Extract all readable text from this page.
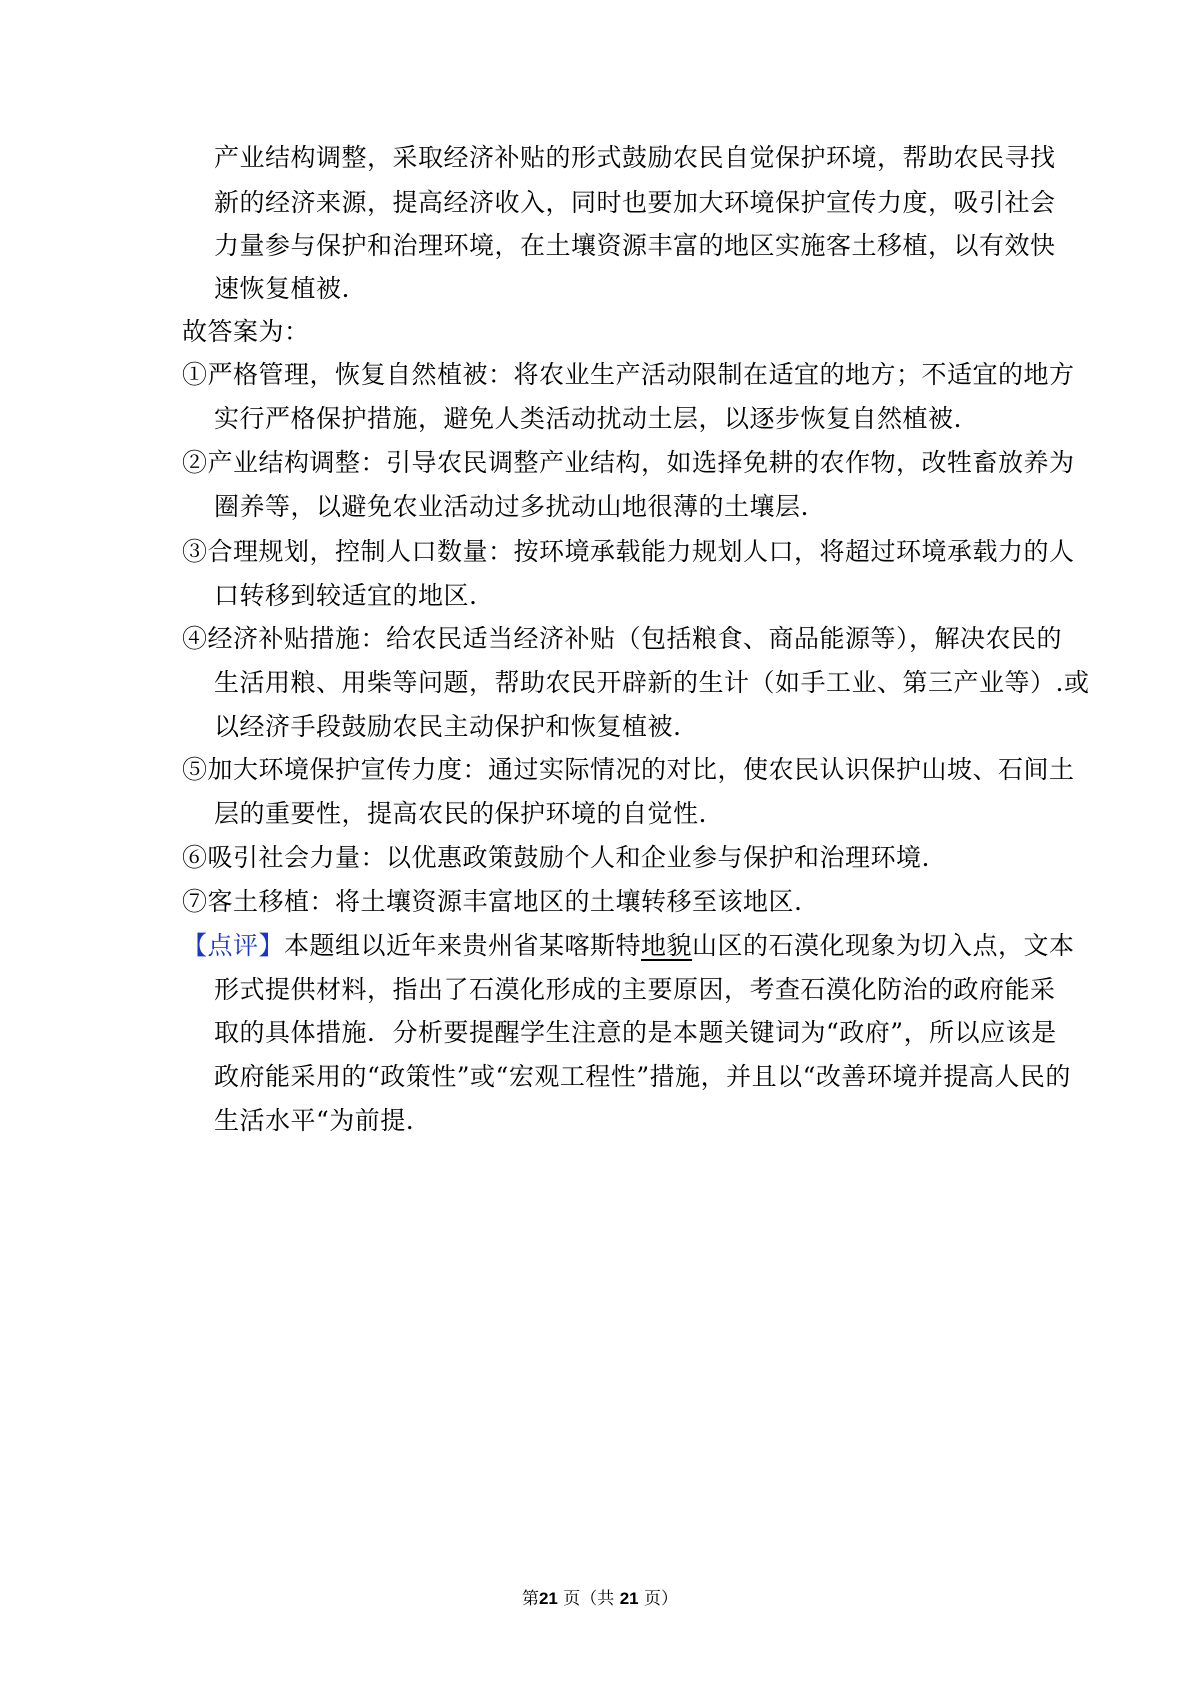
产业结构调整，采取经济补贴的形式鼓励农民自觉保护环境，帮助农民寻找
新的经济来源，提高经济收入，同时也要加大环境保护宣传力度，吸引社会
力量参与保护和治理环境，在土壤资源丰富的地区实施客土移植，以有效快
速恢复植被.
故答案为：
①严格管理，恢复自然植被：将农业生产活动限制在适宜的地方；不适宜的地方
实行严格保护措施，避免人类活动扰动土层，以逐步恢复自然植被.
②产业结构调整：引导农民调整产业结构，如选择免耕的农作物，改牲畜放养为
圈养等，以避免农业活动过多扰动山地很薄的土壤层.
③合理规划，控制人口数量：按环境承载能力规划人口，将超过环境承载力的人
口转移到较适宜的地区.
④经济补贴措施：给农民适当经济补贴（包括粮食、商品能源等），解决农民的
生活用粮、用柴等问题，帮助农民开辟新的生计（如手工业、第三产业等）.或
以经济手段鼓励农民主动保护和恢复植被.
⑤加大环境保护宣传力度：通过实际情况的对比，使农民认识保护山坡、石间土
层的重要性，提高农民的保护环境的自觉性.
⑥吸引社会力量：以优惠政策鼓励个人和企业参与保护和治理环境.
⑦客土移植：将土壤资源丰富地区的土壤转移至该地区.
【点评】本题组以近年来贵州省某喀斯特地貌山区的石漠化现象为切入点，文本
形式提供材料，指出了石漠化形成的主要原因，考查石漠化防治的政府能采
取的具体措施．分析要提醒学生注意的是本题关键词为“政府”，所以应该是
政府能采用的“政策性”或“宏观工程性”措施，并且以“改善环境并提高人民的
生活水平“为前提.
第21 页（共 21 页）
